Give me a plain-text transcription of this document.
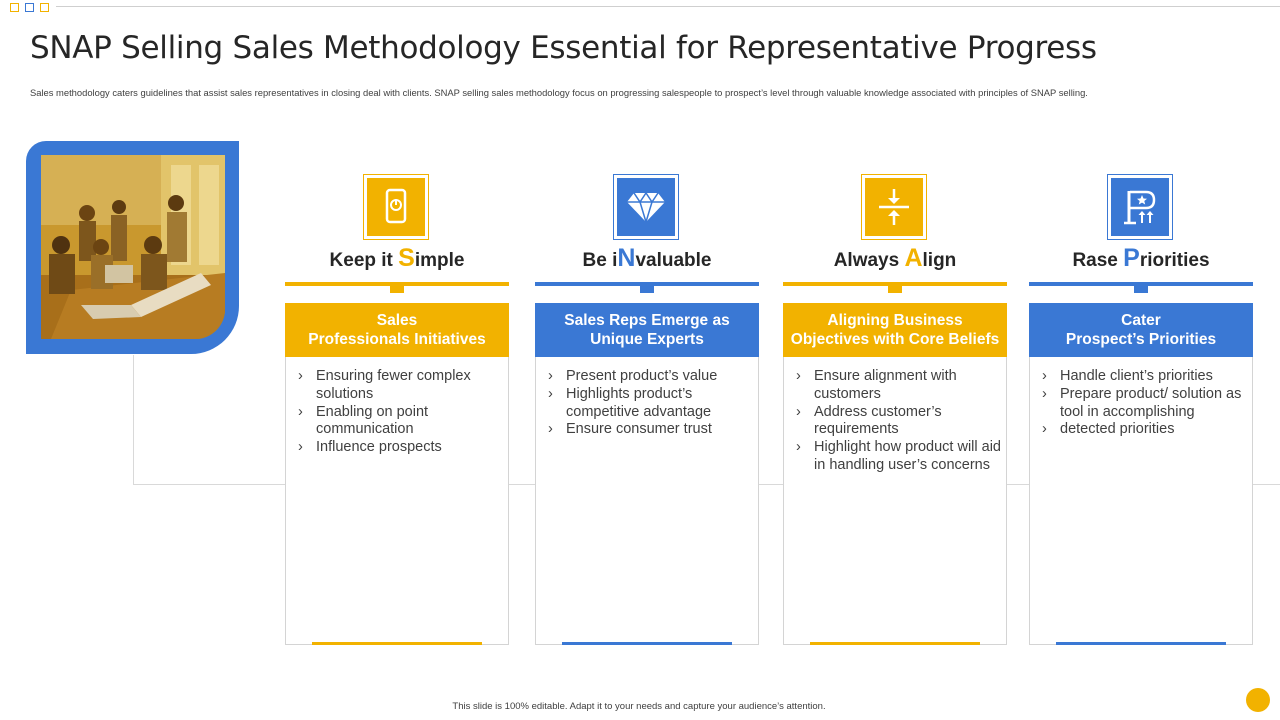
SNAP Selling Sales Methodology Essential for Representative Progress
Sales methodology caters guidelines that assist sales representatives in closing deal with clients. SNAP selling sales methodology focus on progressing salespeople to prospect’s level through valuable knowledge associated with principles of SNAP selling.
Keep it Simple
Sales
Professionals Initiatives
› Ensuring fewer complex solutions
› Enabling on point communication
› Influence prospects
Be iNvaluable
Sales Reps Emerge as
Unique Experts
› Present product’s value
› Highlights product’s competitive advantage
› Ensure consumer trust
Always Align
Aligning Business
Objectives with Core Beliefs
› Ensure alignment with customers
› Address customer’s requirements
› Highlight how product will aid in handling user’s concerns
Rase Priorities
Cater
Prospect’s Priorities
› Handle client’s priorities
› Prepare product/ solution as tool in accomplishing
› detected priorities
This slide is 100% editable. Adapt it to your needs and capture your audience’s attention.
